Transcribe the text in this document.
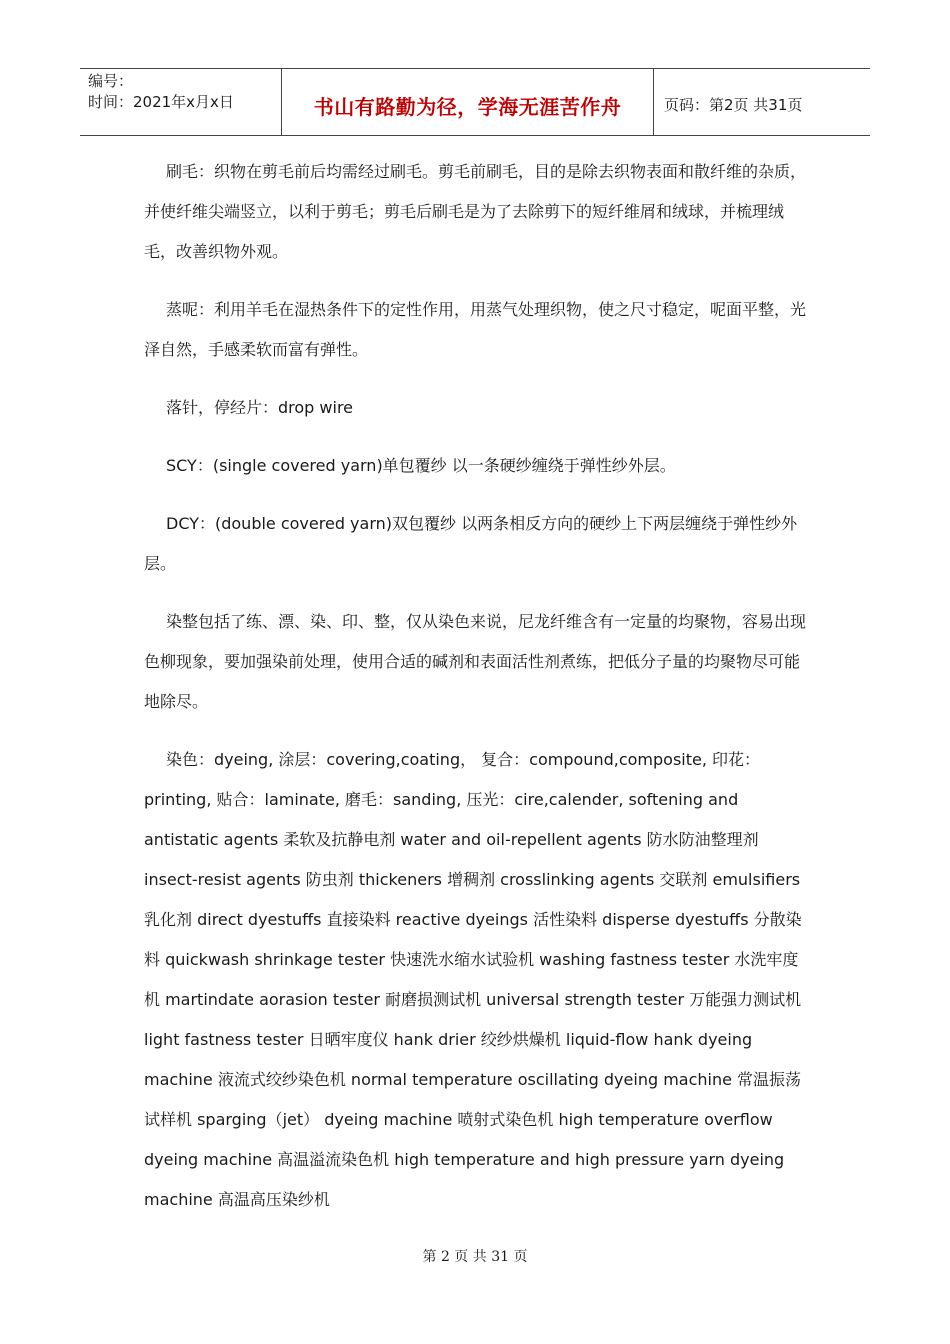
编号：
时间：2021年x月x日	书山有路勤为径，学海无涯苦作舟	页码：第2页 共31页

刷毛：织物在剪毛前后均需经过刷毛。剪毛前刷毛，目的是除去织物表面和散纤维的杂质，并使纤维尖端竖立，以利于剪毛；剪毛后刷毛是为了去除剪下的短纤维屑和绒球，并梳理绒毛，改善织物外观。

蒸呢：利用羊毛在湿热条件下的定性作用，用蒸气处理织物，使之尺寸稳定，呢面平整，光泽自然，手感柔软而富有弹性。

落针，停经片：drop wire

SCY：(single covered yarn)单包覆纱 以一条硬纱缠绕于弹性纱外层。

DCY：(double covered yarn)双包覆纱 以两条相反方向的硬纱上下两层缠绕于弹性纱外层。

染整包括了练、漂、染、印、整，仅从染色来说，尼龙纤维含有一定量的均聚物，容易出现色柳现象，要加强染前处理，使用合适的碱剂和表面活性剂煮练，把低分子量的均聚物尽可能地除尽。

染色：dyeing, 涂层：covering,coating， 复合：compound,composite, 印花：printing, 贴合：laminate, 磨毛：sanding, 压光：cire,calender, softening and antistatic agents 柔软及抗静电剂 water and oil-repellent agents 防水防油整理剂 insect-resist agents 防虫剂 thickeners 增稠剂 crosslinking agents 交联剂 emulsifiers 乳化剂 direct dyestuffs 直接染料 reactive dyeings 活性染料 disperse dyestuffs 分散染料 quickwash shrinkage tester 快速洗水缩水试验机 washing fastness tester 水洗牢度机 martindate aorasion tester 耐磨损测试机 universal strength tester 万能强力测试机 light fastness tester 日晒牢度仪 hank drier 绞纱烘燥机 liquid-flow hank dyeing machine 液流式绞纱染色机 normal temperature oscillating dyeing machine 常温振荡试样机 sparging（jet） dyeing machine 喷射式染色机 high temperature overflow dyeing machine 高温溢流染色机 high temperature and high pressure yarn dyeing machine 高温高压染纱机

第 2 页 共 31 页
